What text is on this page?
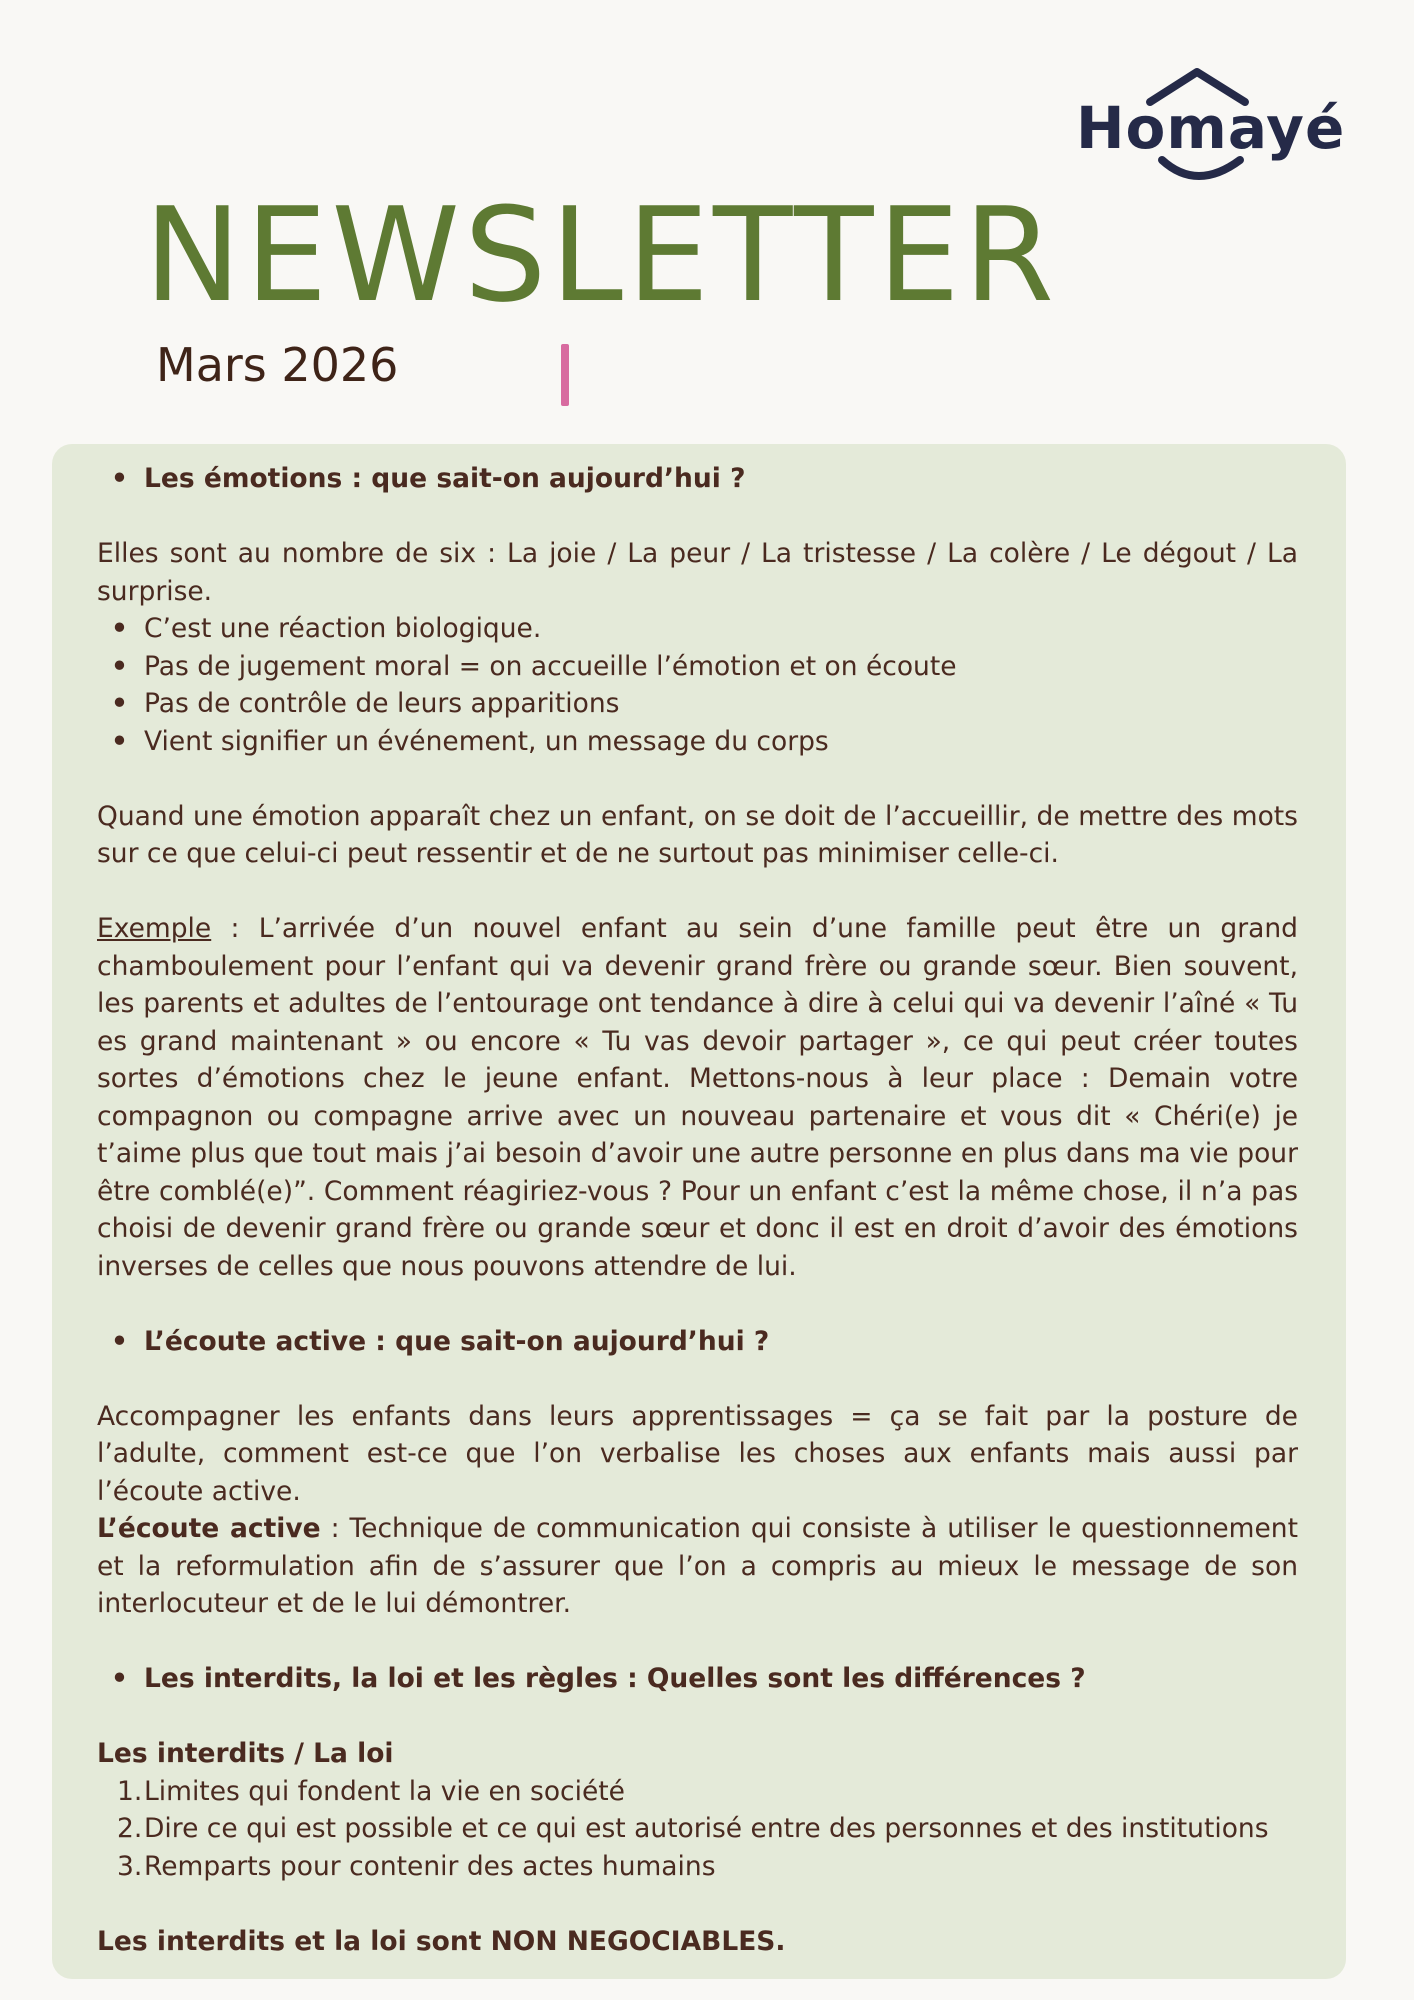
Homayé
NEWSLETTER
Mars 2026
• Les émotions : que sait-on aujourd’hui ?

Elles sont au nombre de six : La joie / La peur / La tristesse / La colère / Le dégout / La surprise.

• C’est une réaction biologique.
• Pas de jugement moral = on accueille l’émotion et on écoute
• Pas de contrôle de leurs apparitions
• Vient signifier un événement, un message du corps

Quand une émotion apparaît chez un enfant, on se doit de l’accueillir, de mettre des mots sur ce que celui-ci peut ressentir et de ne surtout pas minimiser celle-ci.

Exemple : L’arrivée d’un nouvel enfant au sein d’une famille peut être un grand chamboulement pour l’enfant qui va devenir grand frère ou grande sœur. Bien souvent, les parents et adultes de l’entourage ont tendance à dire à celui qui va devenir l’aîné « Tu es grand maintenant » ou encore « Tu vas devoir partager », ce qui peut créer toutes sortes d’émotions chez le jeune enfant. Mettons-nous à leur place : Demain votre compagnon ou compagne arrive avec un nouveau partenaire et vous dit « Chéri(e) je t’aime plus que tout mais j’ai besoin d’avoir une autre personne en plus dans ma vie pour être comblé(e)”. Comment réagiriez-vous ? Pour un enfant c’est la même chose, il n’a pas choisi de devenir grand frère ou grande sœur et donc il est en droit d’avoir des émotions inverses de celles que nous pouvons attendre de lui.

• L’écoute active : que sait-on aujourd’hui ?

Accompagner les enfants dans leurs apprentissages = ça se fait par la posture de l’adulte, comment est-ce que l’on verbalise les choses aux enfants mais aussi par l’écoute active.

L’écoute active : Technique de communication qui consiste à utiliser le questionnement et la reformulation afin de s’assurer que l’on a compris au mieux le message de son interlocuteur et de le lui démontrer.

• Les interdits, la loi et les règles : Quelles sont les différences ?

Les interdits / La loi

1. Limites qui fondent la vie en société
2. Dire ce qui est possible et ce qui est autorisé entre des personnes et des institutions
3. Remparts pour contenir des actes humains

Les interdits et la loi sont NON NEGOCIABLES.
